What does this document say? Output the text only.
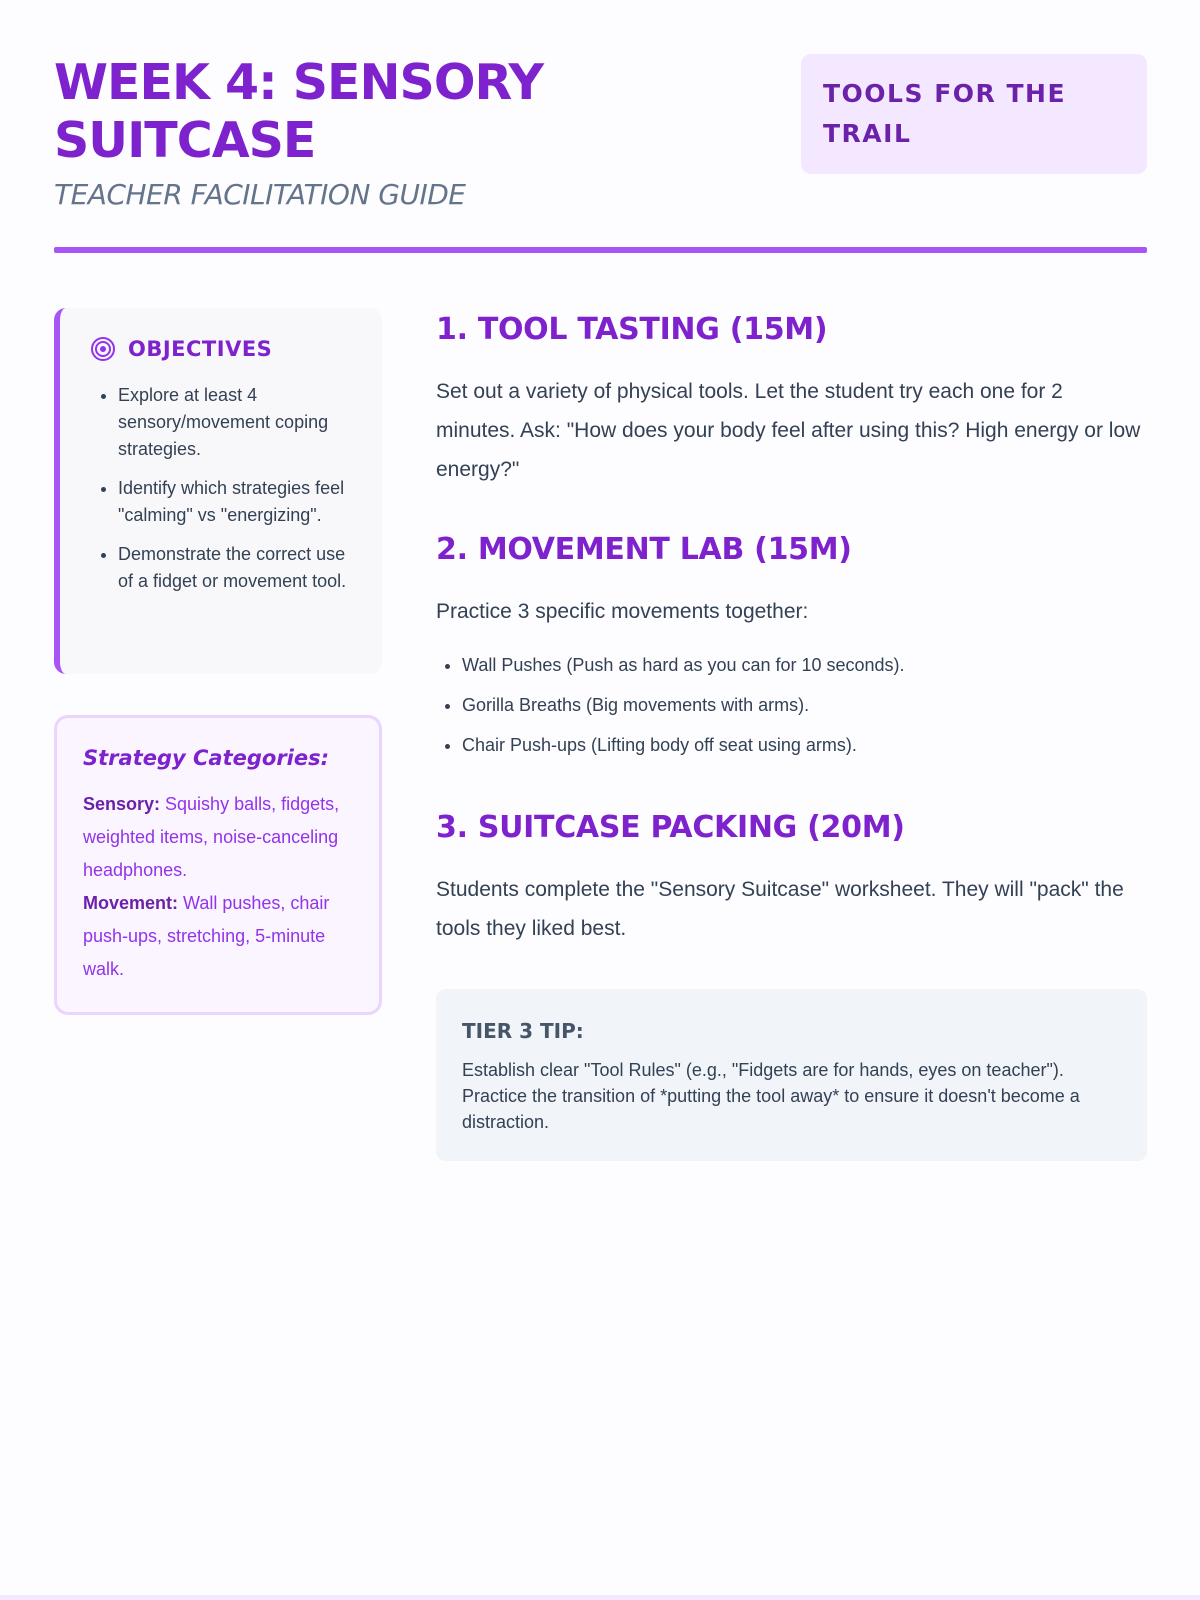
WEEK 4: SENSORY SUITCASE
TEACHER FACILITATION GUIDE
TOOLS FOR THE TRAIL
OBJECTIVES
• Explore at least 4 sensory/movement coping strategies.
• Identify which strategies feel "calming" vs "energizing".
• Demonstrate the correct use of a fidget or movement tool.
Strategy Categories:

Sensory: Squishy balls, fidgets, weighted items, noise-canceling headphones.
Movement: Wall pushes, chair push-ups, stretching, 5-minute walk.

1. TOOL TASTING (15M)

Set out a variety of physical tools. Let the student try each one for 2 minutes. Ask: "How does your body feel after using this? High energy or low energy?"

2. MOVEMENT LAB (15M)

Practice 3 specific movements together:

• Wall Pushes (Push as hard as you can for 10 seconds).
• Gorilla Breaths (Big movements with arms).
• Chair Push-ups (Lifting body off seat using arms).
3. SUITCASE PACKING (20M)

Students complete the "Sensory Suitcase" worksheet. They will "pack" the tools they liked best.

TIER 3 TIP:

Establish clear "Tool Rules" (e.g., "Fidgets are for hands, eyes on teacher"). Practice the transition of *putting the tool away* to ensure it doesn't become a distraction.
